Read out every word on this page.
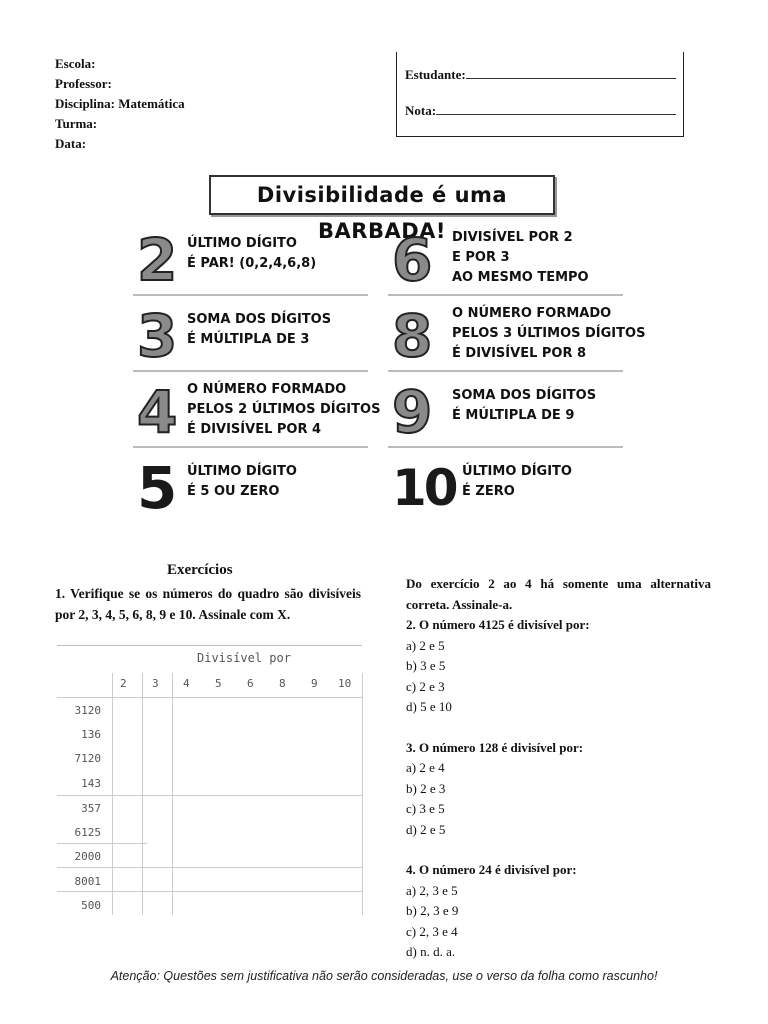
Escola:
Professor:
Disciplina: Matemática
Turma:
Data:
Estudante:
Nota:
Divisibilidade é uma BARBADA!
2 ÚLTIMO DÍGITO
É PAR! (0,2,4,6,8)
3 SOMA DOS DÍGITOS
É MÚLTIPLA DE 3
4 O NÚMERO FORMADO
PELOS 2 ÚLTIMOS DÍGITOS
É DIVISÍVEL POR 4
5 ÚLTIMO DÍGITO
É 5 OU ZERO
6 DIVISÍVEL POR 2
E POR 3
AO MESMO TEMPO
8 O NÚMERO FORMADO
PELOS 3 ÚLTIMOS DÍGITOS
É DIVISÍVEL POR 8
9 SOMA DOS DÍGITOS
É MÚLTIPLA DE 9
10 ÚLTIMO DÍGITO
É ZERO
Exercícios
1. Verifique se os números do quadro são divisíveis por 2, 3, 4, 5, 6, 8, 9 e 10. Assinale com X.
Divisível por
2 3 4 5 6 8 9 10
3120
136
7120
143
357
6125
2000
8001
500
Do exercício 2 ao 4 há somente uma alternativa correta. Assinale-a.
2. O número 4125 é divisível por:
a) 2 e 5
b) 3 e 5
c) 2 e 3
d) 5 e 10
3. O número 128 é divisível por:
a) 2 e 4
b) 2 e 3
c) 3 e 5
d) 2 e 5
4. O número 24 é divisível por:
a) 2, 3 e 5
b) 2, 3 e 9
c) 2, 3 e 4
d) n. d. a.
Atenção: Questões sem justificativa não serão consideradas, use o verso da folha como rascunho!
